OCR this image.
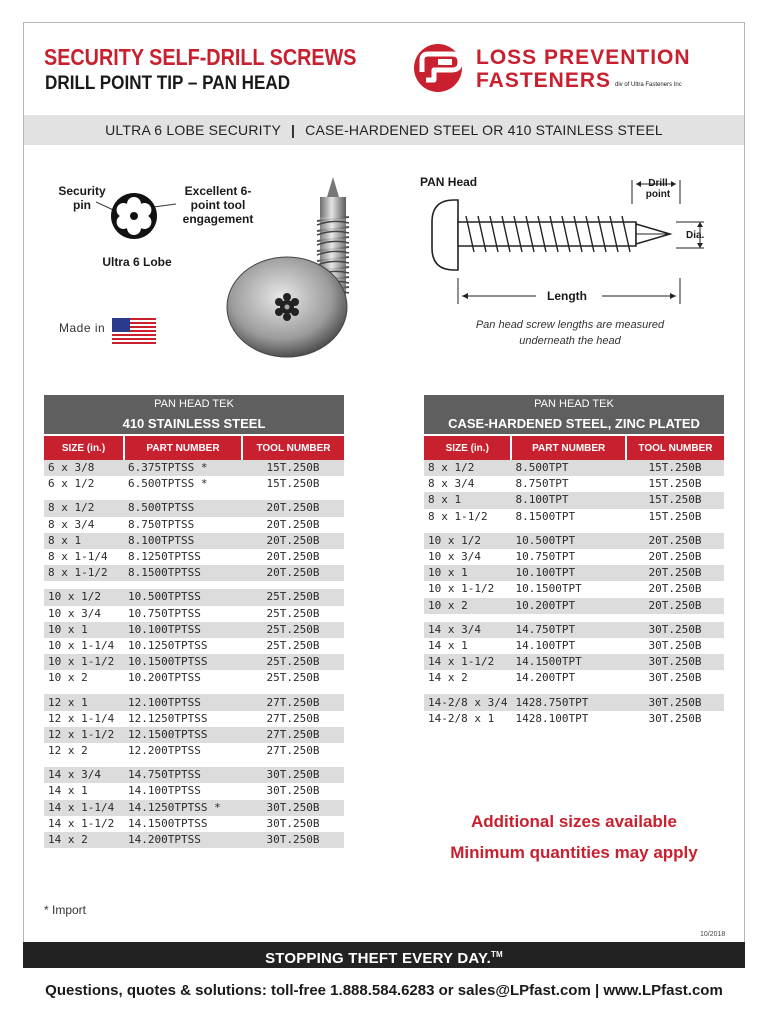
SECURITY SELF-DRILL SCREWS
DRILL POINT TIP – PAN HEAD
LOSS PREVENTION
FASTENERS div of Ultra Fasteners Inc
ULTRA 6 LOBE SECURITY | CASE-HARDENED STEEL OR 410 STAINLESS STEEL
Security pin
Excellent 6-point tool engagement
Ultra 6 Lobe
Made in
PAN Head	Drill point
Dia.
Length
Pan head screw lengths are measured underneath the head
PAN HEAD TEK		
410 STAINLESS STEEL		
SIZE (in.)	PART NUMBER	TOOL NUMBER
6 x 3/8	6.375TPTSS *	15T.250B
6 x 1/2	6.500TPTSS *	15T.250B

8 x 1/2	8.500TPTSS	20T.250B
8 x 3/4	8.750TPTSS	20T.250B
8 x 1	8.100TPTSS	20T.250B
8 x 1-1/4	8.1250TPTSS	20T.250B
8 x 1-1/2	8.1500TPTSS	20T.250B

10 x 1/2	10.500TPTSS	25T.250B
10 x 3/4	10.750TPTSS	25T.250B
10 x 1	10.100TPTSS	25T.250B
10 x 1-1/4	10.1250TPTSS	25T.250B
10 x 1-1/2	10.1500TPTSS	25T.250B
10 x 2	10.200TPTSS	25T.250B

12 x 1	12.100TPTSS	27T.250B
12 x 1-1/4	12.1250TPTSS	27T.250B
12 x 1-1/2	12.1500TPTSS	27T.250B
12 x 2	12.200TPTSS	27T.250B

14 x 3/4	14.750TPTSS	30T.250B
14 x 1	14.100TPTSS	30T.250B
14 x 1-1/4	14.1250TPTSS *	30T.250B
14 x 1-1/2	14.1500TPTSS	30T.250B
14 x 2	14.200TPTSS	30T.250B
PAN HEAD TEK		
CASE-HARDENED STEEL, ZINC PLATED		
SIZE (in.)	PART NUMBER	TOOL NUMBER
8 x 1/2	8.500TPT	15T.250B
8 x 3/4	8.750TPT	15T.250B
8 x 1	8.100TPT	15T.250B
8 x 1-1/2	8.1500TPT	15T.250B

10 x 1/2	10.500TPT	20T.250B
10 x 3/4	10.750TPT	20T.250B
10 x 1	10.100TPT	20T.250B
10 x 1-1/2	10.1500TPT	20T.250B
10 x 2	10.200TPT	20T.250B

14 x 3/4	14.750TPT	30T.250B
14 x 1	14.100TPT	30T.250B
14 x 1-1/2	14.1500TPT	30T.250B
14 x 2	14.200TPT	30T.250B

14-2/8 x 3/4	1428.750TPT	30T.250B
14-2/8 x 1	1428.100TPT	30T.250B
Additional sizes available
Minimum quantities may apply
* Import
10/2018
STOPPING THEFT EVERY DAY.™
Questions, quotes & solutions: toll-free 1.888.584.6283 or sales@LPfast.com | www.LPfast.com
